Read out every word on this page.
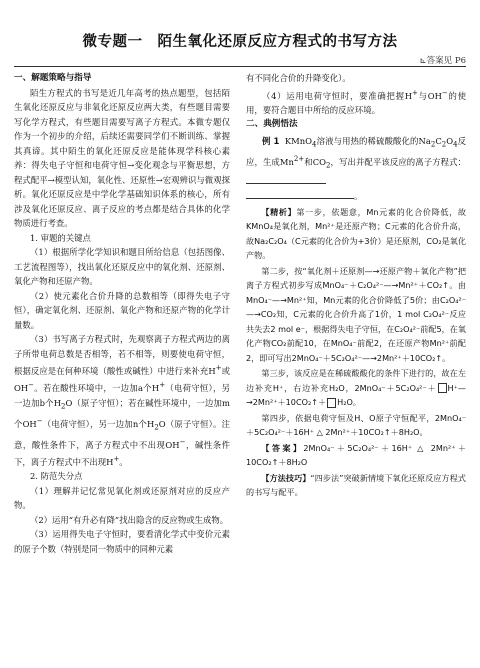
微专题一　陌生氧化还原反应方程式的书写方法
⊾答案见 P6

一、解题策略与指导

陌生方程式的书写是近几年高考的热点题型，包括陌生氧化还原反应与非氧化还原反应两大类，有些题目需要写化学方程式，有些题目需要写离子方程式。本微专题仅作为一个初步的介绍，后续还需要同学们不断训练、掌握其真谛。其中陌生的氧化还原反应是能体现学科核心素养：得失电子守恒和电荷守恒→变化观念与平衡思想，方程式配平→模型认知，氧化性、还原性→宏观辨识与微观探析。氧化还原反应是中学化学基础知识体系的核心，所有涉及氧化还原反应、离子反应的考点都是结合具体的化学物质进行考查。

1. 审题的关键点

（1）根据所学化学知识和题目所给信息（包括图像、工艺流程图等），找出氧化还原反应中的氧化剂、还原剂、氧化产物和还原产物。

（2）使元素化合价升降的总数相等（即得失电子守恒），确定氧化剂、还原剂、氧化产物和还原产物的化学计量数。

（3）书写离子方程式时，先观察离子方程式两边的离子所带电荷总数是否相等，若不相等，则要使电荷守恒，根据反应是在何种环境（酸性或碱性）中进行来补充H+或OH−。若在酸性环境中，一边加a个H+（电荷守恒），另一边加b个$H_2O$（原子守恒）；若在碱性环境中，一边加m个OH−（电荷守恒），另一边加n个$H_2O$（原子守恒）。注意，酸性条件下，离子方程式中不出现OH−，碱性条件下，离子方程式中不出现H+。

2. 防范失分点

（1）理解并记忆常见氧化剂或还原剂对应的反应产物。

（2）运用“有升必有降”找出隐含的反应物或生成物。

（3）运用得失电子守恒时，要看清化学式中变价元素的原子个数（特别是同一物质中的同种元素

有不同化合价的升降变化）。

（4）运用电荷守恒时，要准确把握H+与OH−的使用，要符合题目中所给的反应环境。

二、典例悟法

例 1 KMnO$_4$溶液与用热的稀硫酸酸化的$Na_2C_2O_4$反应，生成$Mn^{2+}$和$CO_2$，写出并配平该反应的离子方程式：
。

【精析】第一步，依题意，Mn元素的化合价降低，故KMnO₄是氧化剂，Mn²⁺是还原产物；C元素的化合价升高，故Na₂C₂O₄（C元素的化合价为+3价）是还原剂，CO₂是氧化产物。

第二步，按“氧化剂＋还原剂—→还原产物＋氧化产物”把离子方程式初步写成MnO₄⁻＋C₂O₄²⁻—→Mn²⁺＋CO₂↑。由MnO₄⁻—→Mn²⁺知，Mn元素的化合价降低了5价；由C₂O₄²⁻—→CO₂知，C元素的化合价升高了1价，1 mol C₂O₄²⁻反应共失去2 mol e⁻，根据得失电子守恒，在C₂O₄²⁻前配5，在氧化产物CO₂前配10，在MnO₄⁻前配2，在还原产物Mn²⁺前配2，即可写出2MnO₄⁻＋5C₂O₄²⁻—→2Mn²⁺＋10CO₂↑。

第三步，该反应是在稀硫酸酸化的条件下进行的，故在左边补充H⁺，右边补充H₂O，2MnO₄⁻＋5C₂O₄²⁻＋ H⁺—→2Mn²⁺＋10CO₂↑＋ H₂O。

第四步，依据电荷守恒及H、O原子守恒配平，2MnO₄⁻＋5C₂O₄²⁻＋16H⁺ △ 2Mn²⁺＋10CO₂↑＋8H₂O。

【答案】2MnO₄⁻＋5C₂O₄²⁻＋16H⁺ △ 2Mn²⁺＋10CO₂↑＋8H₂O

【方法技巧】“四步法”突破新情境下氧化还原反应方程式的书写与配平。
